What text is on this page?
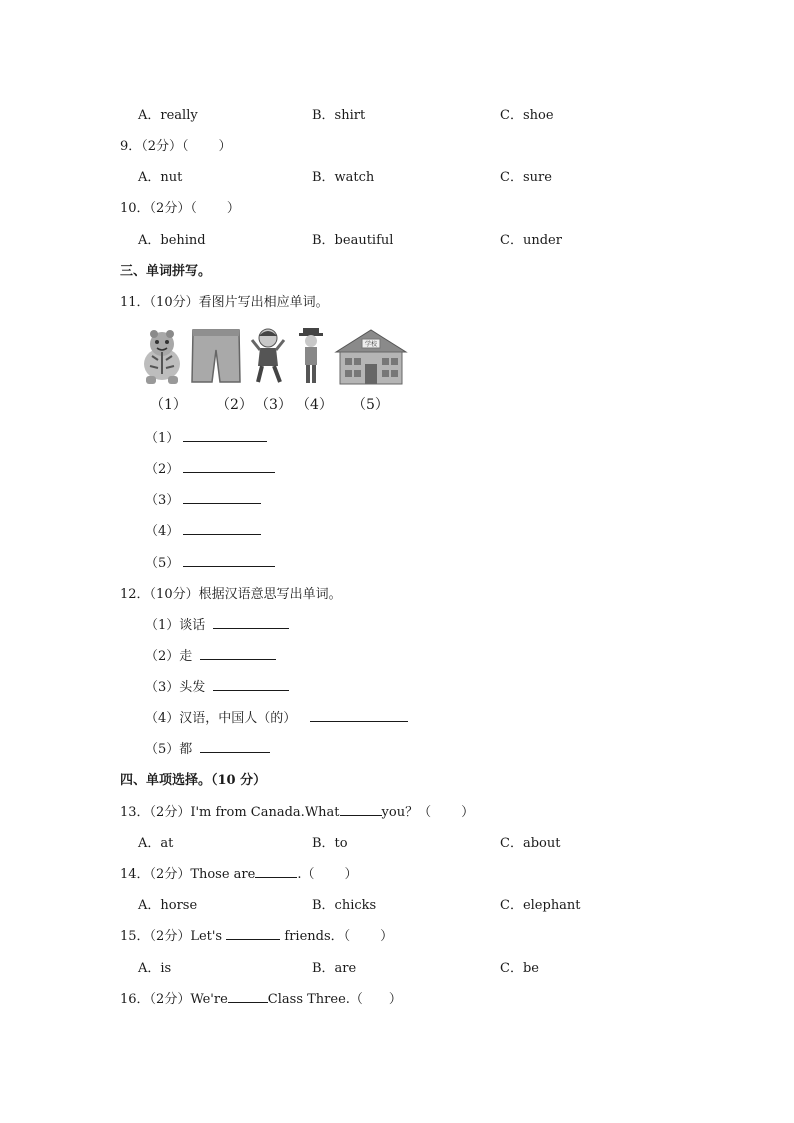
A．really	B．shirt	C．shoe
9．（2分）（ ）
A．nut	B．watch	C．sure
10．（2分）（ ）
A．behind	B．beautiful	C．under
三、单词拼写。
11．（10分）看图片写出相应单词。
学校
（1） （2） （3） （4） （5）
（1）
（2）
（3）
（4）
（5）
12．（10分）根据汉语意思写出单词。
（1）谈话
（2）走
（3）头发
（4）汉语，中国人（的）
（5）都
四、单项选择。（10 分）
13．（2分）I'm from Canada.What	you？（ ）
A．at	B．to	C．about
14．（2分）Those are	.（ ）
A．horse	B．chicks	C．elephant
15．（2分）Let's	friends．（ ）
A．is	B．are	C．be
16．（2分）We're	Class Three.（ ）
